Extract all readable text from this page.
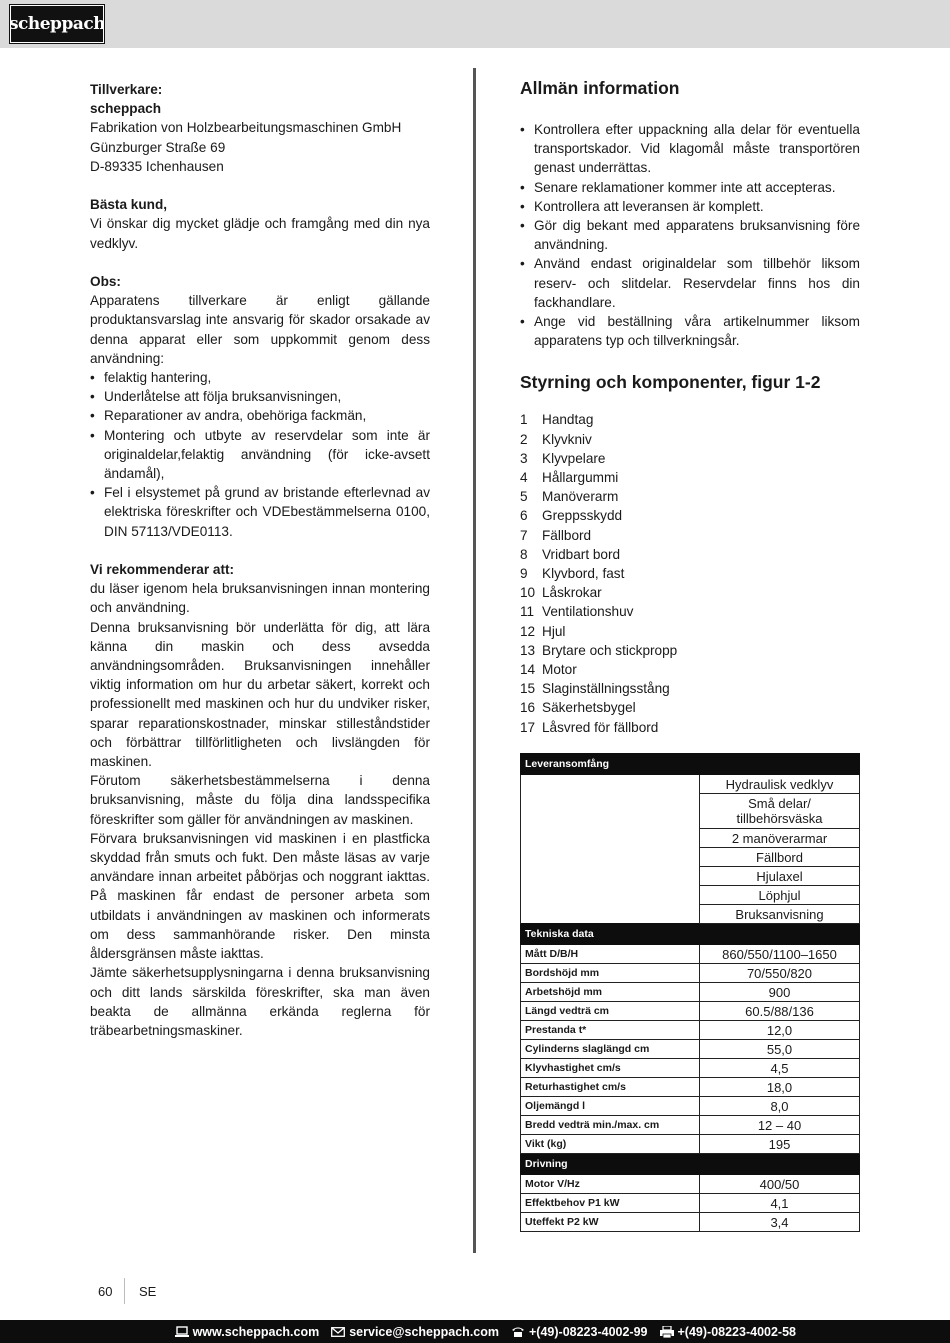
scheppach

Tillverkare:

scheppach

Fabrikation von Holzbearbeitungsmaschinen GmbH

Günzburger Straße 69

D-89335 Ichenhausen

Bästa kund,

Vi önskar dig mycket glädje och framgång med din nya vedklyv.

Obs:

Apparatens tillverkare är enligt gällande produktansvarslag inte ansvarig för skador orsakade av denna apparat eller som uppkommit genom dess användning:

• felaktig hantering,
• Underlåtelse att följa bruksanvisningen,
• Reparationer av andra, obehöriga fackmän,
• Montering och utbyte av reservdelar som inte är originaldelar,felaktig användning (för icke-avsett ändamål),
• Fel i elsystemet på grund av bristande efterlevnad av elektriska föreskrifter och VDEbestämmelserna 0100, DIN 57113/VDE0113.

Vi rekommenderar att:

du läser igenom hela bruksanvisningen innan montering och användning.

Denna bruksanvisning bör underlätta för dig, att lära känna din maskin och dess avsedda användningsområden. Bruksanvisningen innehåller viktig information om hur du arbetar säkert, korrekt och professionellt med maskinen och hur du undviker risker, sparar reparationskostnader, minskar stilleståndstider och förbättrar tillförlitligheten och livslängden för maskinen.

Förutom säkerhetsbestämmelserna i denna bruksanvisning, måste du följa dina landsspecifika föreskrifter som gäller för användningen av maskinen.

Förvara bruksanvisningen vid maskinen i en plastficka skyddad från smuts och fukt. Den måste läsas av varje användare innan arbeitet påbörjas och noggrant iakttas. På maskinen får endast de personer arbeta som utbildats i användningen av maskinen och informerats om dess sammanhörande risker. Den minsta åldersgränsen måste iakttas.

Jämte säkerhetsupplysningarna i denna bruksanvisning och ditt lands särskilda föreskrifter, ska man även beakta de allmänna erkända reglerna för träbearbetningsmaskiner.

Allmän information
• Kontrollera efter uppackning alla delar för eventuella transportskador. Vid klagomål måste transportören genast underrättas.
• Senare reklamationer kommer inte att accepteras.
• Kontrollera att leveransen är komplett.
• Gör dig bekant med apparatens bruksanvisning före användning.
• Använd endast originaldelar som tillbehör liksom reserv- och slitdelar. Reservdelar finns hos din fackhandlare.
• Ange vid beställning våra artikelnummer liksom apparatens typ och tillverkningsår.
Styrning och komponenter, figur 1-2
1	Handtag
2	Klyvkniv
3	Klyvpelare
4	Hållargummi
5	Manöverarm
6	Greppsskydd
7	Fällbord
8	Vridbart bord
9	Klyvbord, fast
10 Låskrokar
11 Ventilationshuv
12 Hjul
13 Brytare och stickpropp
14 Motor
15 Slaginställningsstång
16 Säkerhetsbygel
17 Låsvred för fällbord
Leveransomfång	
	Hydraulisk vedklyv
	Små delar/ tillbehörsväska
	2 manöverarmar
	Fällbord
	Hjulaxel
	Löphjul
	Bruksanvisning
Tekniska data	
Mått D/B/H	860/550/1100–1650
Bordshöjd mm	70/550/820
Arbetshöjd mm	900
Längd vedträ cm	60.5/88/136
Prestanda t*	12,0
Cylinderns slaglängd cm	55,0
Klyvhastighet cm/s	4,5
Returhastighet cm/s	18,0
Oljemängd l	8,0
Bredd vedträ min./max. cm	12 – 40
Vikt (kg)	195
Drivning	
Motor V/Hz	400/50
Effektbehov P1 kW	4,1
Uteffekt P2 kW	3,4
60 SE
www.scheppach.com service@scheppach.com +(49)-08223-4002-99 +(49)-08223-4002-58
